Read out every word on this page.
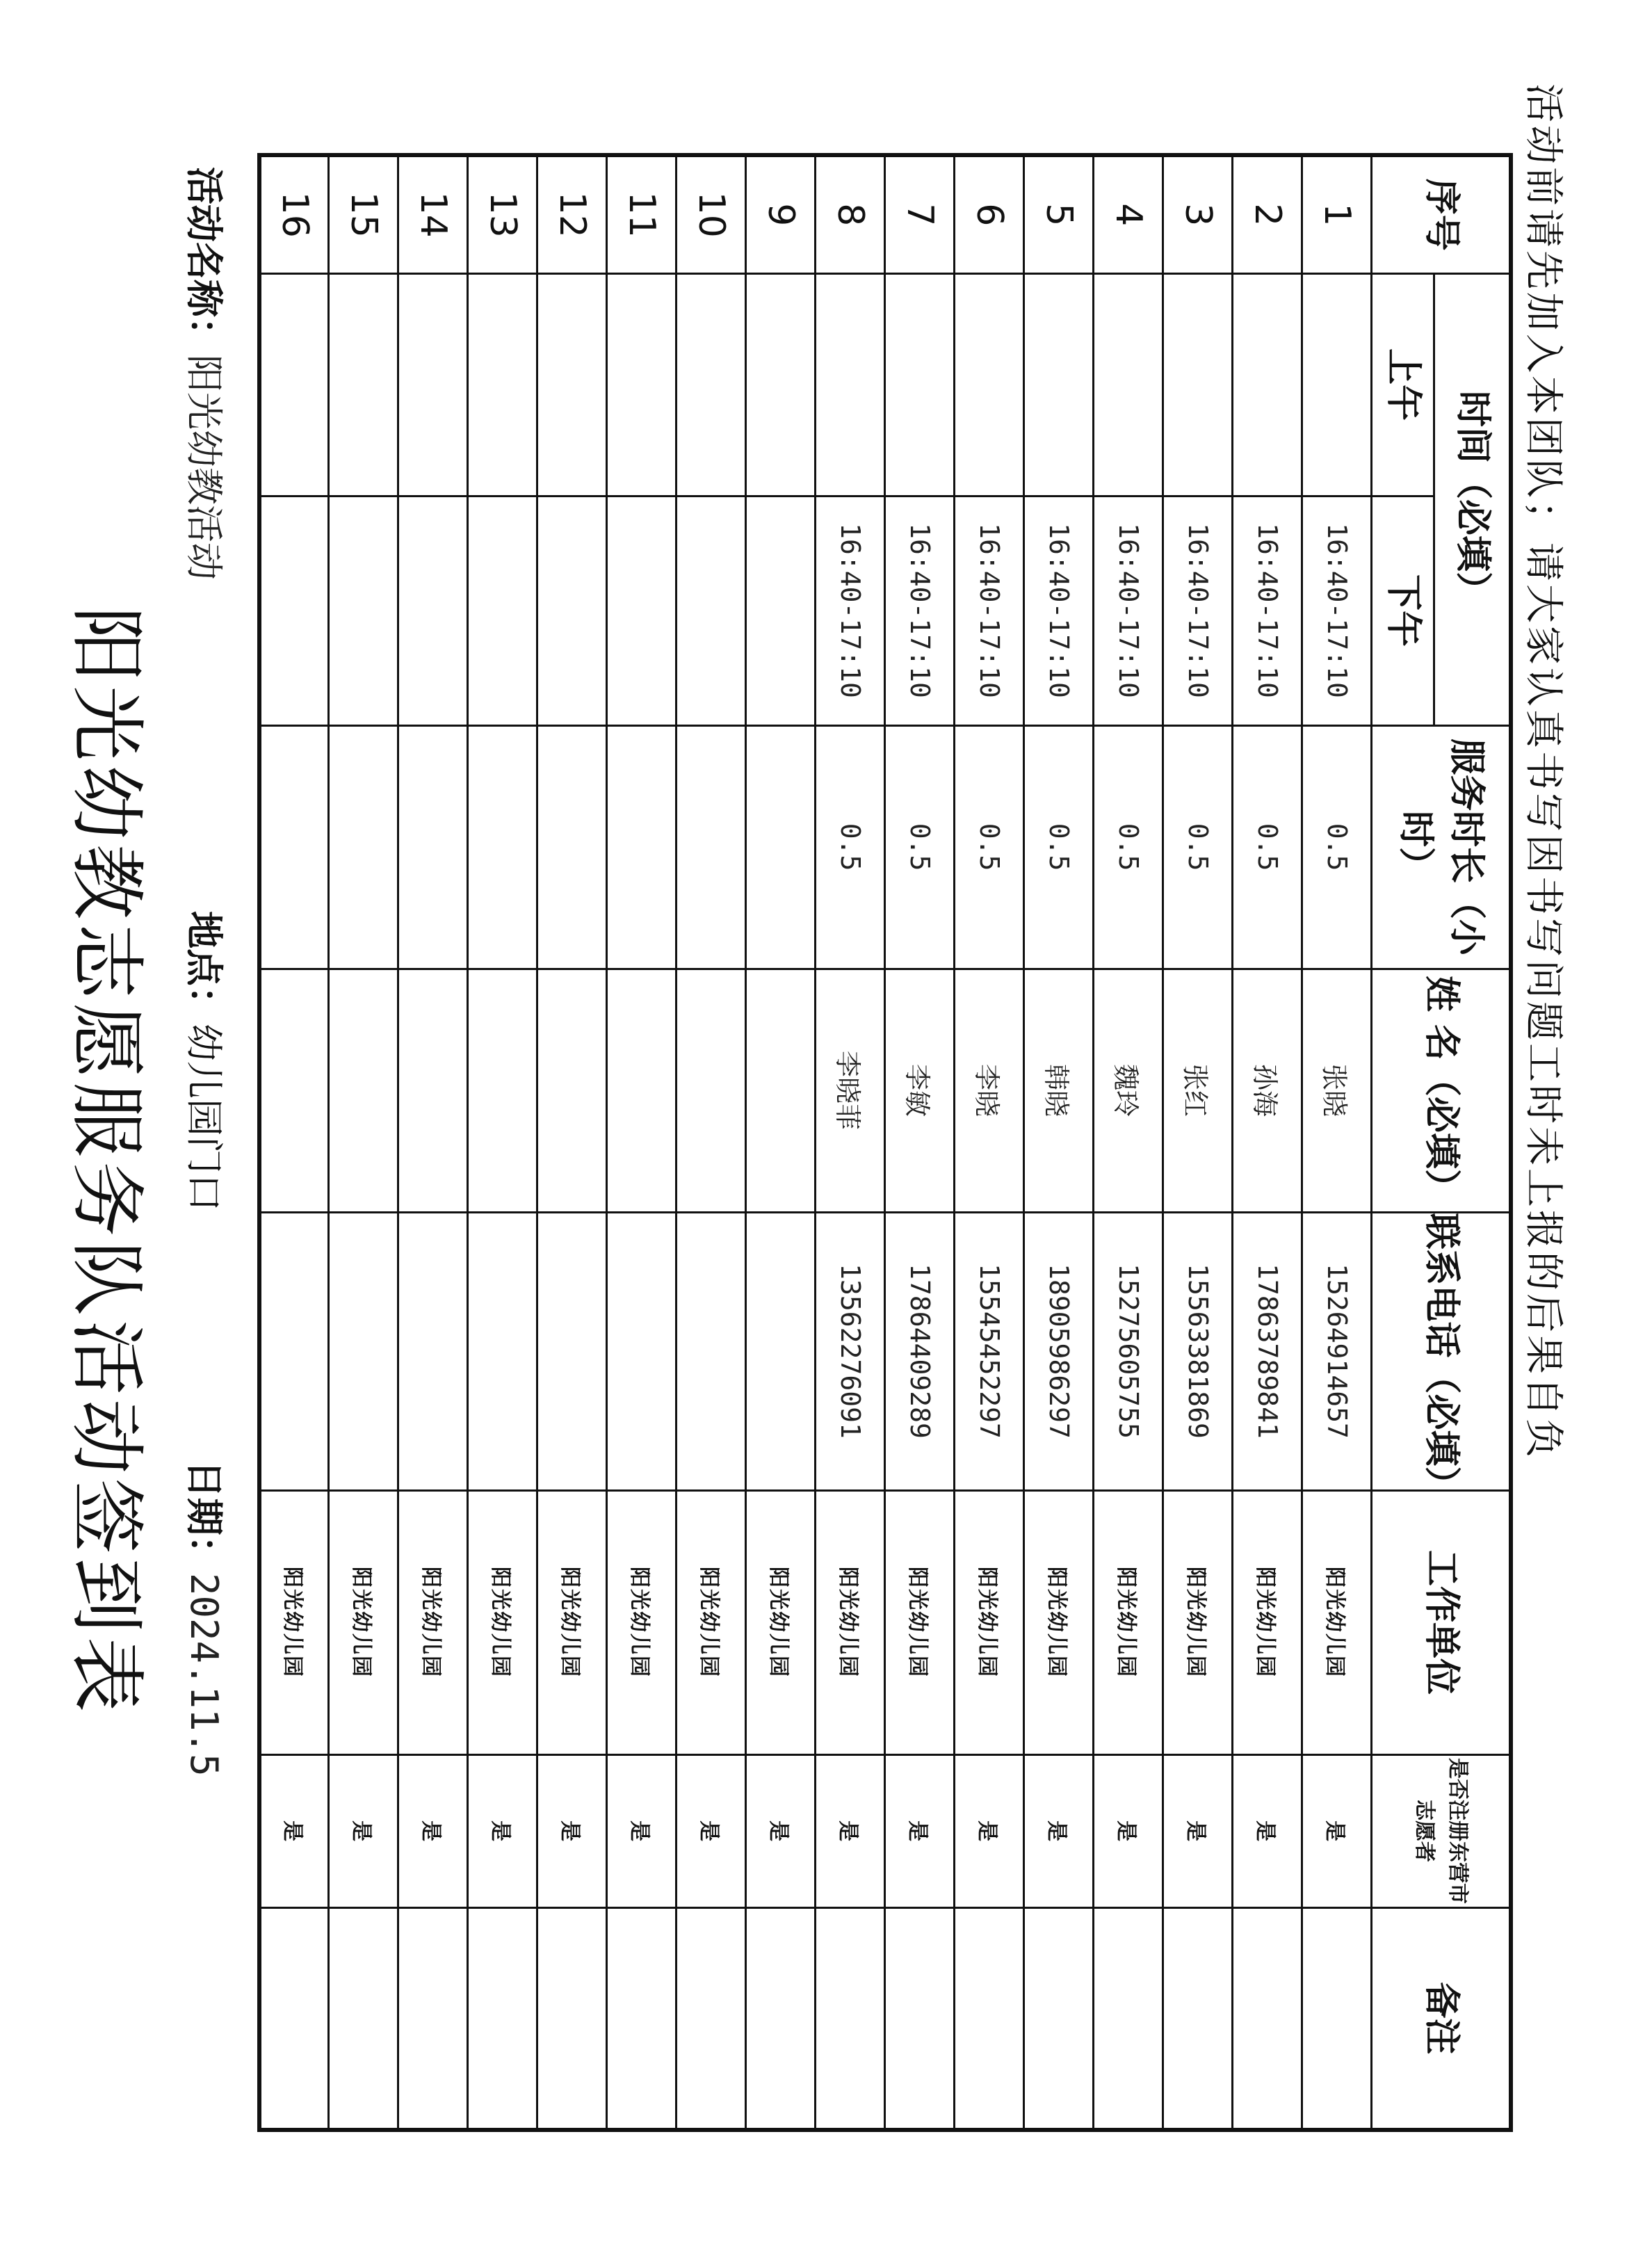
阳光幼教志愿服务队活动签到表
活动名称：阳光幼教活动
地点：幼儿园门口
日期：2024.11.5
序号	时间（必填）		服务时长（小时）	姓 名（必填）	联系电话（必填）	工作单位	是否注册东营市志愿者	备注
	上午	下午						
1		16:40-17:10	0.5	张晓	15264914657	阳光幼儿园	是	
2		16:40-17:10	0.5	孙海	17863789841	阳光幼儿园	是	
3		16:40-17:10	0.5	张红	15563381869	阳光幼儿园	是	
4		16:40-17:10	0.5	魏玲	15275605755	阳光幼儿园	是	
5		16:40-17:10	0.5	韩晓	18905986297	阳光幼儿园	是	
6		16:40-17:10	0.5	李晓	15545452297	阳光幼儿园	是	
7		16:40-17:10	0.5	李敏	17864409289	阳光幼儿园	是	
8		16:40-17:10	0.5	李晓菲	13562276091	阳光幼儿园	是	
9						阳光幼儿园	是	
10						阳光幼儿园	是	
11						阳光幼儿园	是	
12						阳光幼儿园	是	
13						阳光幼儿园	是	
14						阳光幼儿园	是	
15						阳光幼儿园	是	
16						阳光幼儿园	是	
活动前请先加入本团队；请大家认真书写因书写问题工时未上报的后果自负
